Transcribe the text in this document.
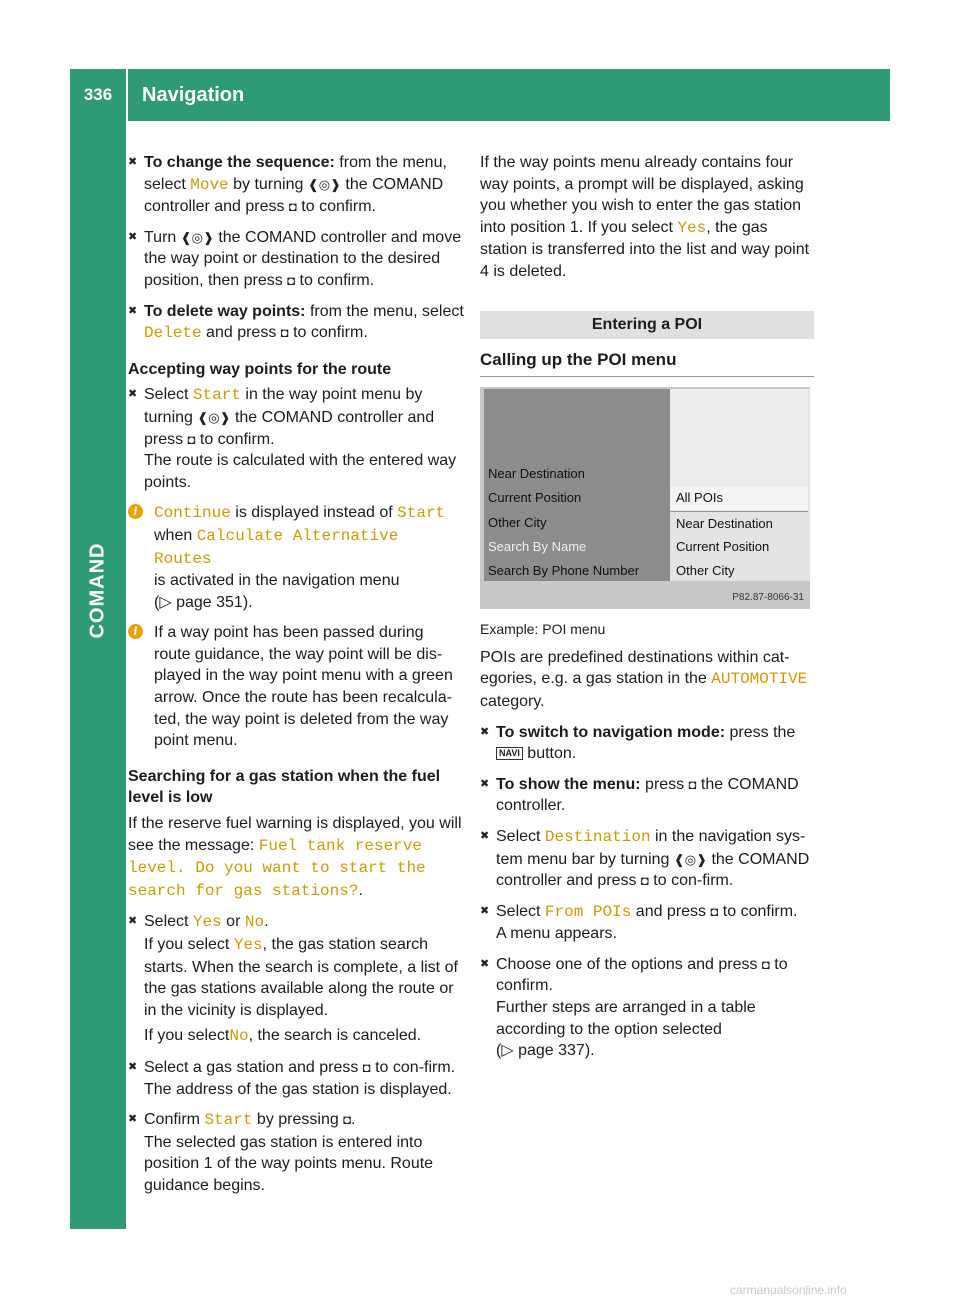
336	Navigation
COMAND

✖ To change the sequence: from the menu, select Move by turning ❰◎❱ the COMAND controller and press ◘ to confirm.

✖ Turn ❰◎❱ the COMAND controller and move the way point or destination to the desired position, then press ◘ to confirm.

✖ To delete way points: from the menu, select Delete and press ◘ to confirm.

Accepting way points for the route

✖ Select Start in the way point menu by turning ❰◎❱ the COMAND controller and press ◘ to confirm.
The route is calculated with the entered way points.

i	Continue is displayed instead of Start
when Calculate Alternative Routes
is activated in the navigation menu
(▷ page 351).

i	If a way point has been passed during route guidance, the way point will be dis-played in the way point menu with a green arrow. Once the route has been recalcula-ted, the way point is deleted from the way point menu.

Searching for a gas station when the fuel level is low

If the reserve fuel warning is displayed, you will see the message: Fuel tank reserve level. Do you want to start the search for gas stations?.

✖ Select Yes or No.
If you select Yes, the gas station search starts. When the search is complete, a list of the gas stations available along the route or in the vicinity is displayed.
If you selectNo, the search is canceled.

✖ Select a gas station and press ◘ to con-firm.
The address of the gas station is displayed.

✖ Confirm Start by pressing ◘.
The selected gas station is entered into position 1 of the way points menu. Route guidance begins.

If the way points menu already contains four way points, a prompt will be displayed, asking you whether you wish to enter the gas station into position 1. If you select Yes, the gas station is transferred into the list and way point 4 is deleted.

Entering a POI
Calling up the POI menu
Near Destination
Current Position
Other City
Search By Name
Search By Phone Number
All POIs
Near Destination
Current Position
Other City
P82.87-8066-31

Example: POI menu

POIs are predefined destinations within cat-egories, e.g. a gas station in the AUTOMOTIVE category.

✖ To switch to navigation mode: press the
NAVI button.

✖ To show the menu: press ◘ the COMAND controller.

✖ Select Destination in the navigation sys-tem menu bar by turning ❰◎❱ the COMAND controller and press ◘ to con-firm.

✖ Select From POIs and press ◘ to confirm.
A menu appears.

✖ Choose one of the options and press ◘ to confirm.
Further steps are arranged in a table according to the option selected
(▷ page 337).

carmanualsonline.info
